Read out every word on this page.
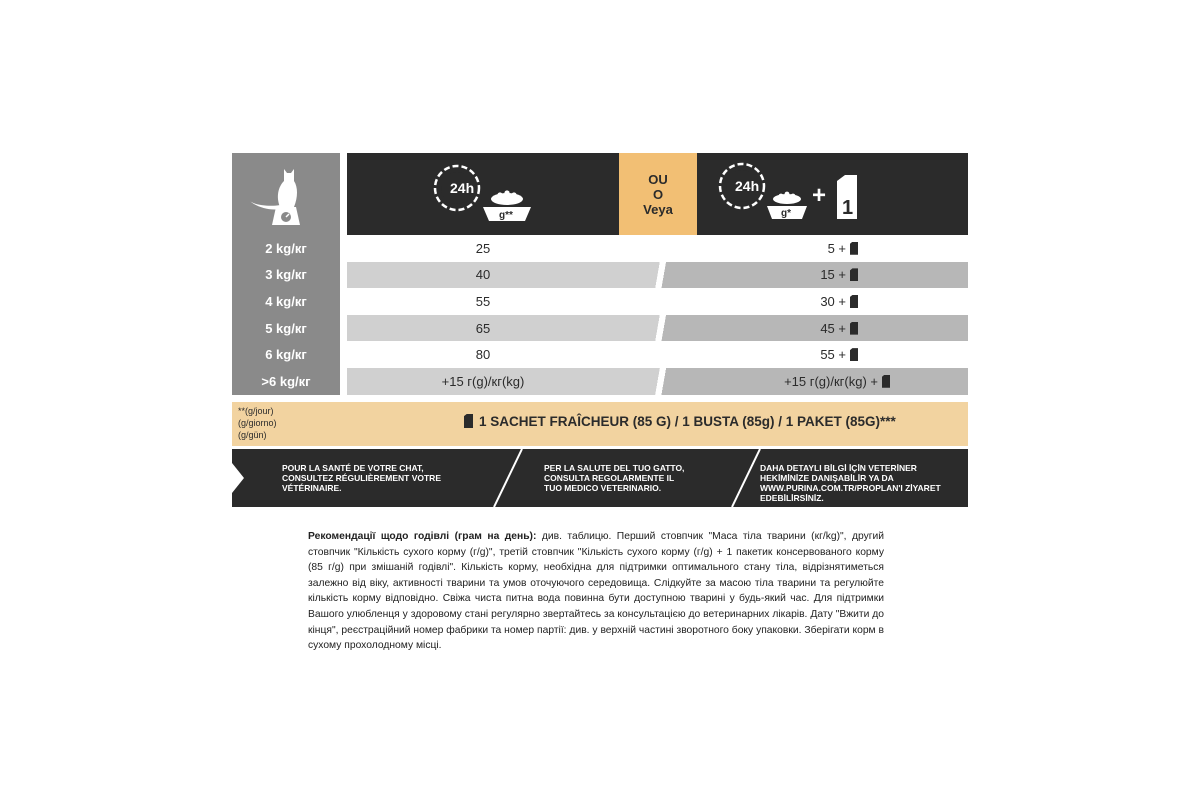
24h
g**
OU
O
Veya
24h
g*
+ 1
2 kg/кг	25	5 +
3 kg/кг	40	15 +
4 kg/кг	55	30 +
5 kg/кг	65	45 +
6 kg/кг	80	55 +
>6 kg/кг	+15 г(g)/кг(kg)	+15 г(g)/кг(kg) +
**(g/jour)
(g/giorno)
(g/gün)
1 SACHET FRAÎCHEUR (85 G) / 1 BUSTA (85g) / 1 PAKET (85G)***
POUR LA SANTÉ DE VOTRE CHAT, CONSULTEZ RÉGULIÈREMENT VOTRE VÉTÉRINAIRE.
PER LA SALUTE DEL TUO GATTO, CONSULTA REGOLARMENTE IL TUO MEDICO VETERINARIO.
DAHA DETAYLI BİLGİ İÇİN VETERİNER HEKİMİNİZE DANIŞABİLİR YA DA WWW.PURINA.COM.TR/PROPLAN'I ZİYARET EDEBİLİRSİNİZ.
Рекомендації щодо годівлі (грам на день): див. таблицю. Перший стовпчик "Маса тіла тварини (кг/kg)", другий стовпчик "Кількість сухого корму (г/g)", третій стовпчик "Кількість сухого корму (г/g) + 1 пакетик консервованого корму (85 г/g) при змішаній годівлі". Кількість корму, необхідна для підтримки оптимального стану тіла, відрізнятиметься залежно від віку, активності тварини та умов оточуючого середовища. Слідкуйте за масою тіла тварини та регулюйте кількість корму відповідно. Свіжа чиста питна вода повинна бути доступною тварині у будь-який час. Для підтримки Вашого улюбленця у здоровому стані регулярно звертайтесь за консультацією до ветеринарних лікарів. Дату "Вжити до кінця", реєстраційний номер фабрики та номер партії: див. у верхній частині зворотного боку упаковки. Зберігати корм в сухому прохолодному місці.
